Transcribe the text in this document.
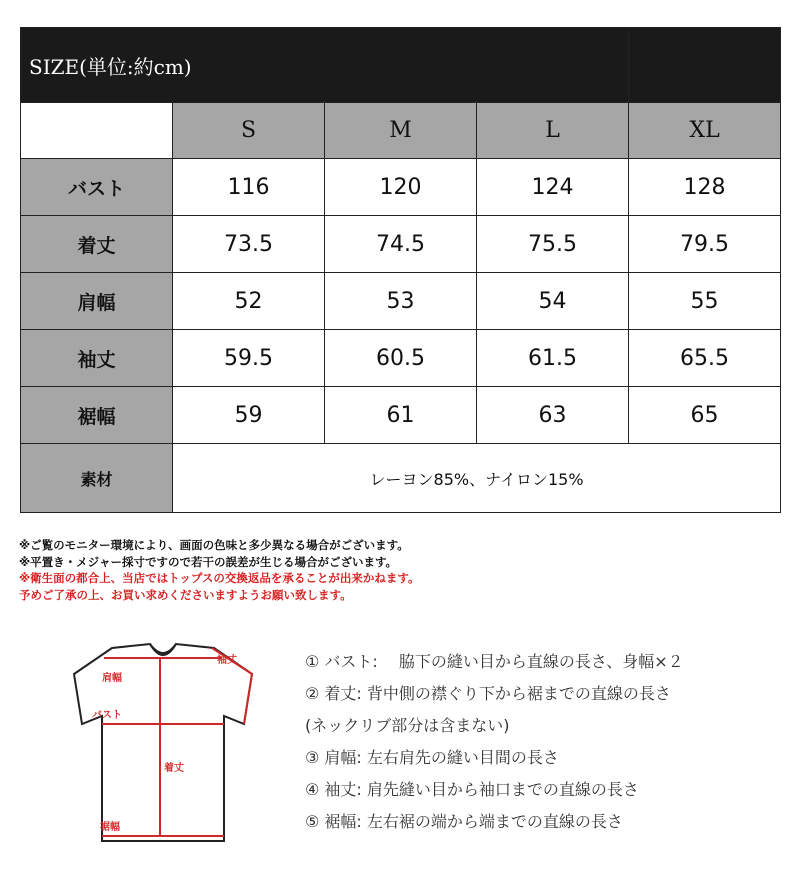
SIZE(単位:約cm)				
	S	M	L	XL
バスト	116	120	124	128
着丈	73.5	74.5	75.5	79.5
肩幅	52	53	54	55
袖丈	59.5	60.5	61.5	65.5
裾幅	59	61	63	65
素材	レーヨン85%、ナイロン15%			
※ご覧のモニター環境により、画面の色味と多少異なる場合がございます。
※平置き・メジャー採寸ですので若干の誤差が生じる場合がございます。
※衛生面の都合上、当店ではトップスの交換返品を承ることが出来かねます。
予めご了承の上、お買い求めくださいますようお願い致します。
袖丈
肩幅
バスト
着丈
裾幅
① バスト:　 脇下の縫い目から直線の長さ、身幅×２
② 着丈: 背中側の襟ぐり下から裾までの直線の長さ
(ネックリブ部分は含まない)
③ 肩幅: 左右肩先の縫い目間の長さ
④ 袖丈: 肩先縫い目から袖口までの直線の長さ
⑤ 裾幅: 左右裾の端から端までの直線の長さ
